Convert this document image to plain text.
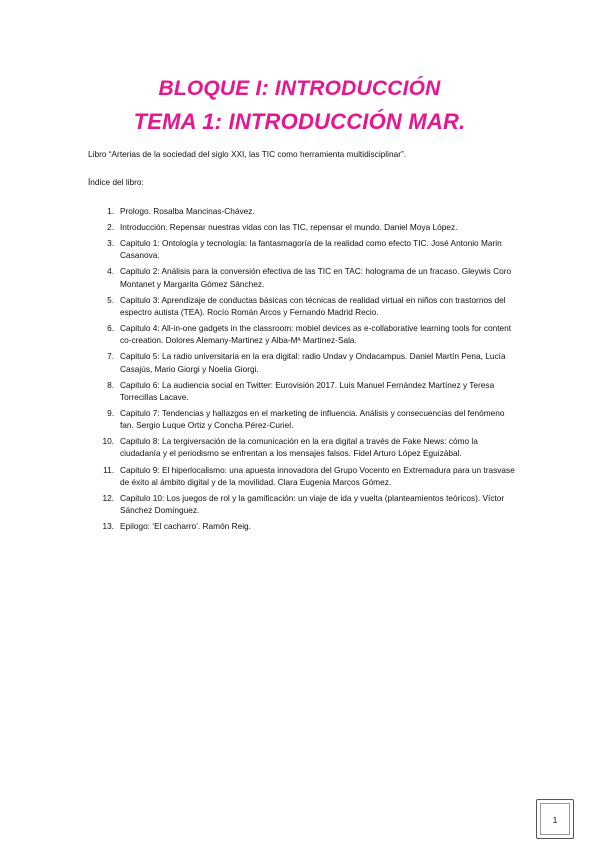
BLOQUE I: INTRODUCCIÓN
TEMA 1: INTRODUCCIÓN MAR.

Libro “Arterias de la sociedad del siglo XXI, las TIC como herramienta multidisciplinar”.

Índice del libro:

1. Prologo. Rosalba Mancinas-Chávez.
2. Introducción. Repensar nuestras vidas con las TIC, repensar el mundo. Daniel Moya López.
3. Capitulo 1: Ontología y tecnología: la fantasmagoría de la realidad como efecto TIC. José Antonio Marin Casanova.
4. Capitulo 2: Análisis para la conversión efectiva de las TIC en TAC: holograma de un fracaso. Gleywis Coro Montanet y Margarita Gómez Sánchez.
5. Capitulo 3: Aprendizaje de conductas básicas con técnicas de realidad virtual en niños con trastornos del espectro autista (TEA). Rocío Román Arcos y Fernando Madrid Recio.
6. Capitulo 4: All-in-one gadgets in the classroom: mobiel devices as e-collaborative learning tools for content co-creation. Dolores Alemany-Martinez y Alba-Mª Martínez-Sala.
7. Capitulo 5: La radio universitaria en la era digital: radio Undav y Ondacampus. Daniel Martín Pena, Lucía Casajús, Mario Giorgi y Noelia Giorgi.
8. Capitulo 6: La audiencia social en Twitter: Eurovisión 2017. Luis Manuel Fernández Martínez y Teresa Torrecillas Lacave.
9. Capitulo 7: Tendencias y hallazgos en el marketing de influencia. Análisis y consecuencias del fenómeno fan. Sergio Luque Ortiz y Concha Pérez-Curiel.
10. Capitulo 8: La tergiversación de la comunicación en la era digital a través de Fake News: cómo la ciudadanía y el periodismo se enfrentan a los mensajes falsos. Fidel Arturo López Eguizábal.
11. Capitulo 9: El hiperlocalismo: una apuesta innovadora del Grupo Vocento en Extremadura para un trasvase de éxito al ámbito digital y de la movilidad. Clara Eugenia Marcos Gómez.
12. Capitulo 10: Los juegos de rol y la gamificación: un viaje de ida y vuelta (planteamientos teóricos). Víctor Sánchez Domínguez.
13. Epilogo: ‘El cacharro’. Ramón Reig.
1
